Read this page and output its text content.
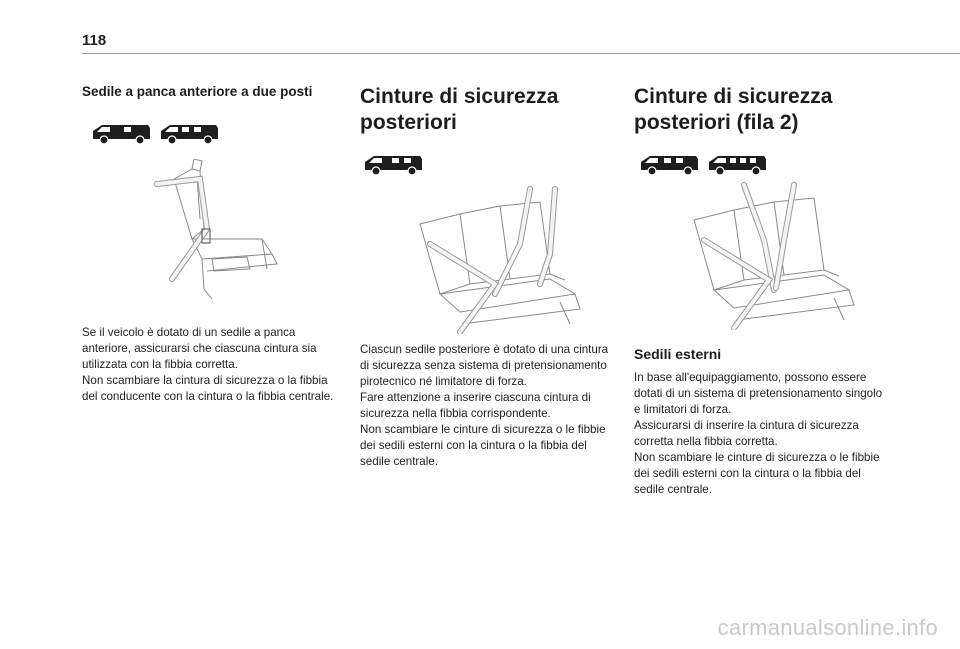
118
Sedile a panca anteriore a due posti

Se il veicolo è dotato di un sedile a panca

anteriore, assicurarsi che ciascuna cintura sia

utilizzata con la fibbia corretta.

Non scambiare la cintura di sicurezza o la fibbia

del conducente con la cintura o la fibbia centrale.

Cinture di sicurezza
posteriori

Ciascun sedile posteriore è dotato di una cintura

di sicurezza senza sistema di pretensionamento

pirotecnico né limitatore di forza.

Fare attenzione a inserire ciascuna cintura di

sicurezza nella fibbia corrispondente.

Non scambiare le cinture di sicurezza o le fibbie

dei sedili esterni con la cintura o la fibbia del

sedile centrale.

Cinture di sicurezza
posteriori (fila 2)
Sedili esterni

In base all'equipaggiamento, possono essere

dotati di un sistema di pretensionamento singolo

e limitatori di forza.

Assicurarsi di inserire la cintura di sicurezza

corretta nella fibbia corretta.

Non scambiare le cinture di sicurezza o le fibbie

dei sedili esterni con la cintura o la fibbia del

sedile centrale.

carmanualsonline.info
